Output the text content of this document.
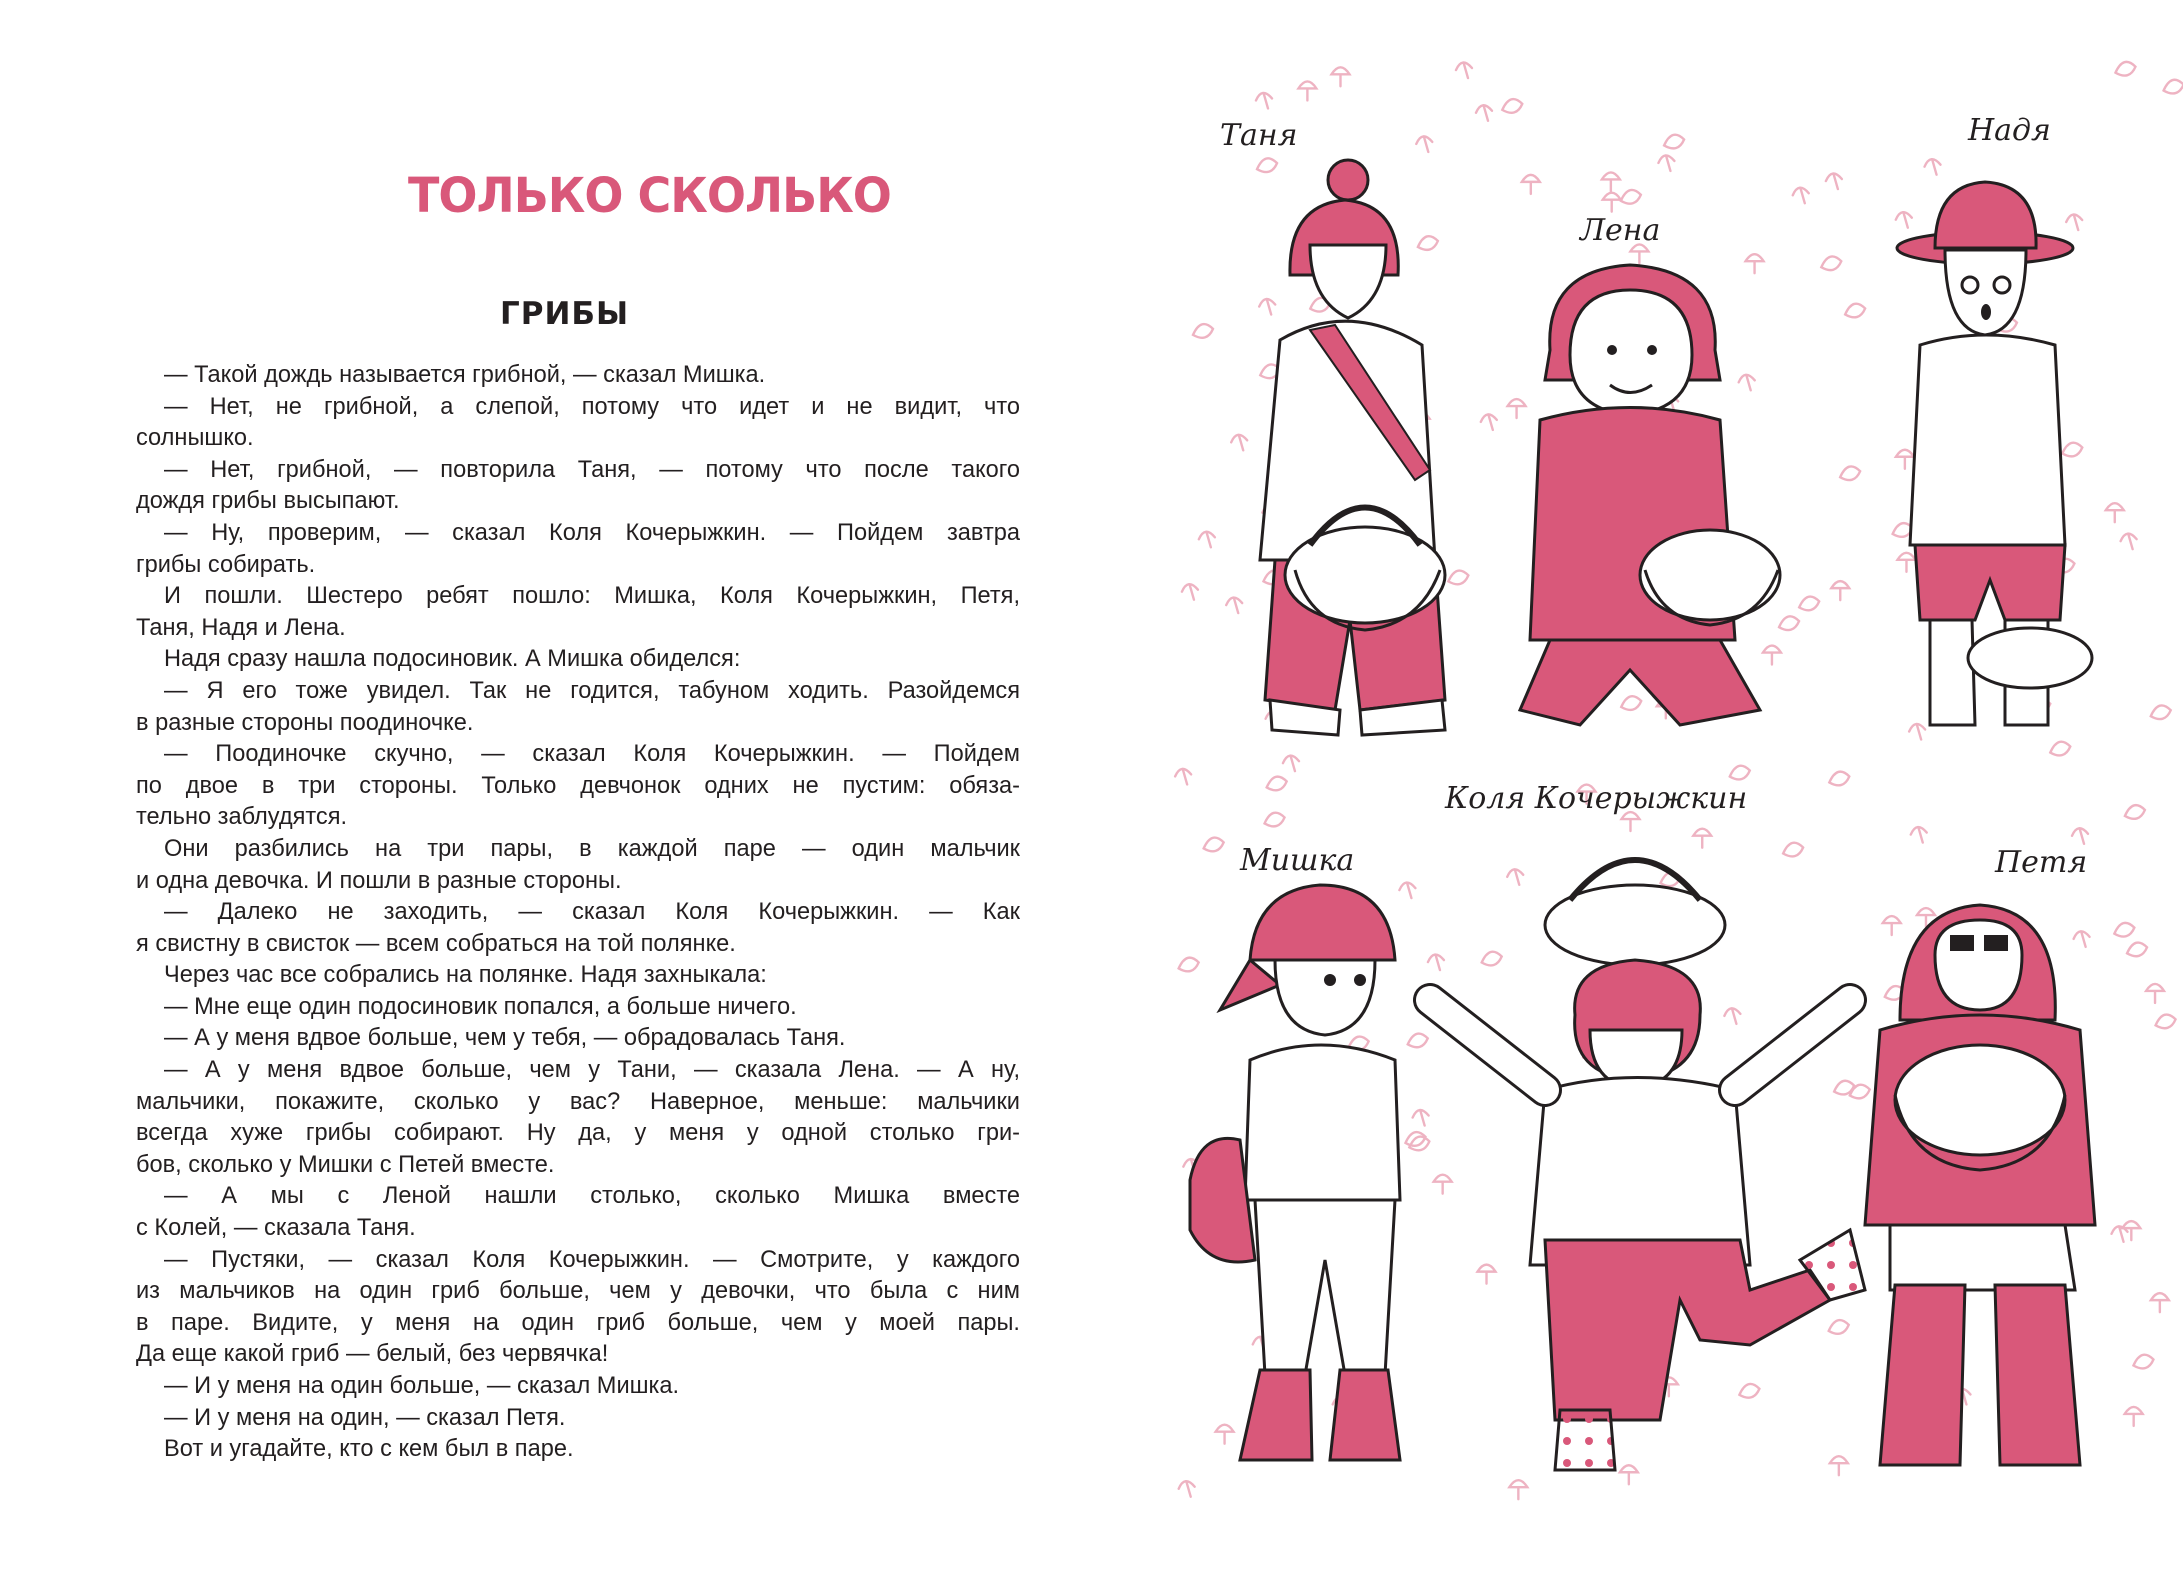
ТОЛЬКО СКОЛЬКО
ГРИБЫ
— Такой дождь называется грибной, — сказал Мишка.
— Нет, не грибной, а слепой, потому что идет и не видит, что
солнышко.
— Нет, грибной, — повторила Таня, — потому что после такого
дождя грибы высыпают.
— Ну, проверим, — сказал Коля Кочерыжкин. — Пойдем завтра
грибы собирать.
И пошли. Шестеро ребят пошло: Мишка, Коля Кочерыжкин, Петя,
Таня, Надя и Лена.
Надя сразу нашла подосиновик. А Мишка обиделся:
— Я его тоже увидел. Так не годится, табуном ходить. Разойдемся
в разные стороны поодиночке.
— Поодиночке скучно, — сказал Коля Кочерыжкин. — Пойдем
по двое в три стороны. Только девчонок одних не пустим: обяза-
тельно заблудятся.
Они разбились на три пары, в каждой паре — один мальчик
и одна девочка. И пошли в разные стороны.
— Далеко не заходить, — сказал Коля Кочерыжкин. — Как
я свистну в свисток — всем собраться на той полянке.
Через час все собрались на полянке. Надя захныкала:
— Мне еще один подосиновик попался, а больше ничего.
— А у меня вдвое больше, чем у тебя, — обрадовалась Таня.
— А у меня вдвое больше, чем у Тани, — сказала Лена. — А ну,
мальчики, покажите, сколько у вас? Наверное, меньше: мальчики
всегда хуже грибы собирают. Ну да, у меня у одной столько гри-
бов, сколько у Мишки с Петей вместе.
— А мы с Леной нашли столько, сколько Мишка вместе
с Колей, — сказала Таня.
— Пустяки, — сказал Коля Кочерыжкин. — Смотрите, у каждого
из мальчиков на один гриб больше, чем у девочки, что была с ним
в паре. Видите, у меня на один гриб больше, чем у моей пары.
Да еще какой гриб — белый, без червячка!
— И у меня на один больше, — сказал Мишка.
— И у меня на один, — сказал Петя.
Вот и угадайте, кто с кем был в паре.
Таня
Лена
Надя
Коля Кочерыжкин
Мишка	Петя
